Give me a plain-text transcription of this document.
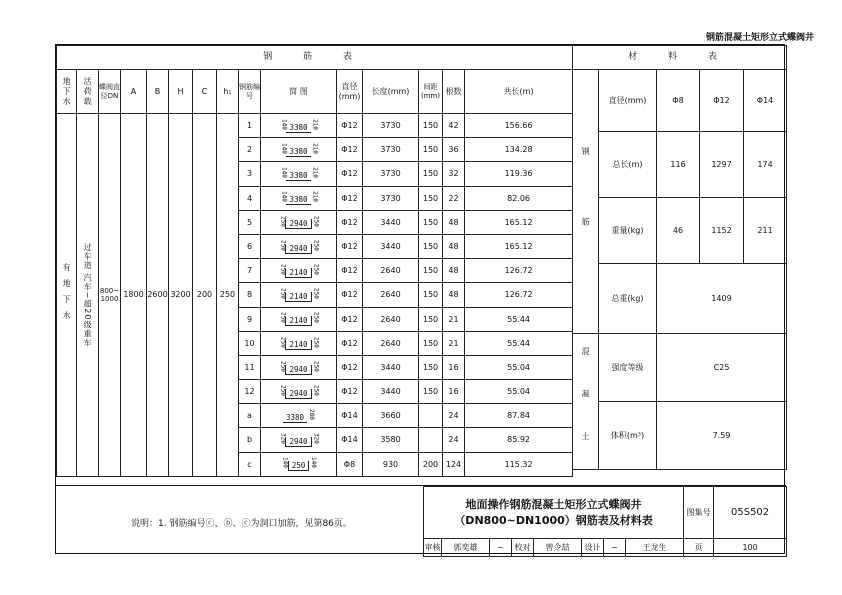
钢筋混凝土矩形立式蝶阀井
钢 筋 表														
地下水	活荷载	蝶阀直径DN	A	B	H	C	h₁	钢筋编号	简 图	直径(mm)	长度(mm)	间距(mm)	根数	共长(m)
有地下水	过车道 汽车−超20级重车	800~1000	1800	2600	3200	200	250	1	140 3380 210	Φ12	3730	150	42	156.66
								2	140 3380 210	Φ12	3730	150	36	134.28
								3	140 3380 210	Φ12	3730	150	32	119.36
								4	140 3380 210	Φ12	3730	150	22	82.06
								5	250 2940 250	Φ12	3440	150	48	165.12
								6	250 2940 250	Φ12	3440	150	48	165.12
								7	250 2140 250	Φ12	2640	150	48	126.72
								8	250 2140 250	Φ12	2640	150	48	126.72
								9	250 2140 250	Φ12	2640	150	21	55.44
								10	250 2140 250	Φ12	2640	150	21	55.44
								11	250 2940 250	Φ12	3440	150	16	55.04
								12	250 2940 250	Φ12	3440	150	16	55.04
								a	3380 280	Φ14	3660		24	87.84
								b	320 2940 320	Φ14	3580		24	85.92
								c	140 250 140	Φ8	930	200	124	115.32
材 料 表				
钢 筋	直径(mm)	Φ8	Φ12	Φ14
	总长(m)	116	1297	174
	重量(kg)	46	1152	211
	总重(kg)	1409		
混 凝 土	强度等级	C25		
	体积(m³)	7.59		
说明：1. 钢筋编号ⓒ、ⓑ、ⓒ为洞口加筋，见第86页。
地面操作钢筋混凝土矩形立式蝶阀井
（DN800~DN1000）钢筋表及材料表								图集号	05S502
审核	郭奕雄	~	校对	曾令喆	设计	~	王龙生	页	100
